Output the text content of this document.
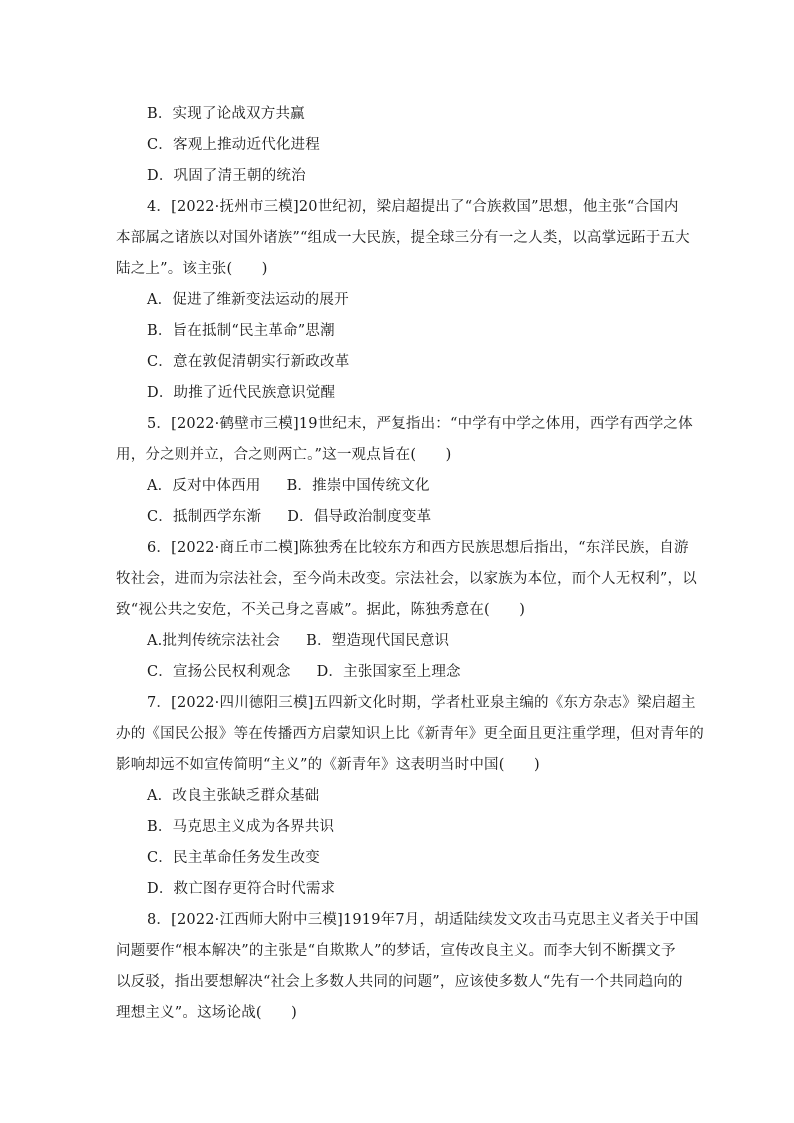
B．实现了论战双方共赢
C．客观上推动近代化进程
D．巩固了清王朝的统治
4．[2022·抚州市三模]20世纪初，梁启超提出了“合族救国”思想，他主张“合国内
本部属之诸族以对国外诸族”“组成一大民族，提全球三分有一之人类，以高掌远跖于五大
陆之上”。该主张(　　)
A．促进了维新变法运动的展开
B．旨在抵制“民主革命”思潮
C．意在敦促清朝实行新政改革
D．助推了近代民族意识觉醒
5．[2022·鹤壁市三模]19世纪末，严复指出：“中学有中学之体用，西学有西学之体
用，分之则并立，合之则两亡。”这一观点旨在(　　)
A．反对中体西用 B．推崇中国传统文化
C．抵制西学东渐 D．倡导政治制度变革
6．[2022·商丘市二模]陈独秀在比较东方和西方民族思想后指出，“东洋民族，自游
牧社会，进而为宗法社会，至今尚未改变。宗法社会，以家族为本位，而个人无权利”，以
致“视公共之安危，不关己身之喜戚”。据此，陈独秀意在(　　)
A.批判传统宗法社会 B．塑造现代国民意识
C．宣扬公民权利观念 D．主张国家至上理念
7．[2022·四川德阳三模]五四新文化时期，学者杜亚泉主编的《东方杂志》梁启超主
办的《国民公报》等在传播西方启蒙知识上比《新青年》更全面且更注重学理，但对青年的
影响却远不如宣传简明“主义”的《新青年》这表明当时中国(　　)
A．改良主张缺乏群众基础
B．马克思主义成为各界共识
C．民主革命任务发生改变
D．救亡图存更符合时代需求
8．[2022·江西师大附中三模]1919年7月，胡适陆续发文攻击马克思主义者关于中国
问题要作“根本解决”的主张是“自欺欺人”的梦话，宣传改良主义。而李大钊不断撰文予
以反驳，指出要想解决“社会上多数人共同的问题”，应该使多数人“先有一个共同趋向的
理想主义”。这场论战(　　)
